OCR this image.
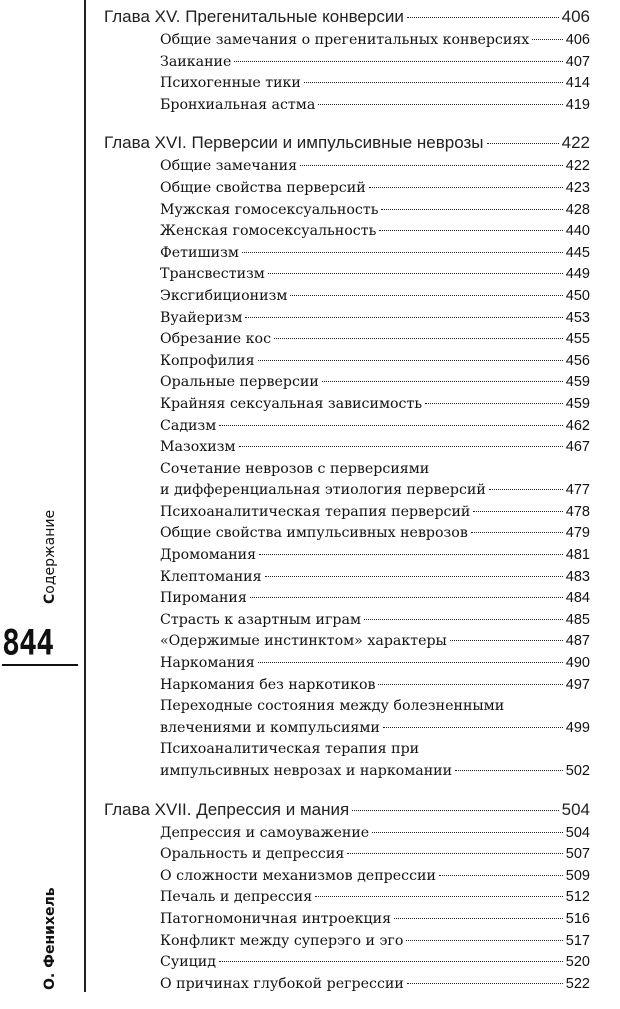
Содержание
844
О. Фенихель
Глава XV. Прегенитальные конверсии	406
Общие замечания о прегенитальных конверсиях	406
Заикание	407
Психогенные тики	414
Бронхиальная астма	419
Глава XVI. Перверсии и импульсивные неврозы	422
Общие замечания	422
Общие свойства перверсий	423
Мужская гомосексуальность	428
Женская гомосексуальность	440
Фетишизм	445
Трансвестизм	449
Эксгибиционизм	450
Вуайеризм	453
Обрезание кос	455
Копрофилия	456
Оральные перверсии	459
Крайняя сексуальная зависимость	459
Садизм	462
Мазохизм	467
Сочетание неврозов с перверсиями
и дифференциальная этиология перверсий	477
Психоаналитическая терапия перверсий	478
Общие свойства импульсивных неврозов	479
Дромомания	481
Клептомания	483
Пиромания	484
Страсть к азартным играм	485
«Одержимые инстинктом» характеры	487
Наркомания	490
Наркомания без наркотиков	497
Переходные состояния между болезненными
влечениями и компульсиями	499
Психоаналитическая терапия при
импульсивных неврозах и наркомании	502
Глава XVII. Депрессия и мания	504
Депрессия и самоуважение	504
Оральность и депрессия	507
О сложности механизмов депрессии	509
Печаль и депрессия	512
Патогномоничная интроекция	516
Конфликт между суперэго и эго	517
Суицид	520
О причинах глубокой регрессии	522
